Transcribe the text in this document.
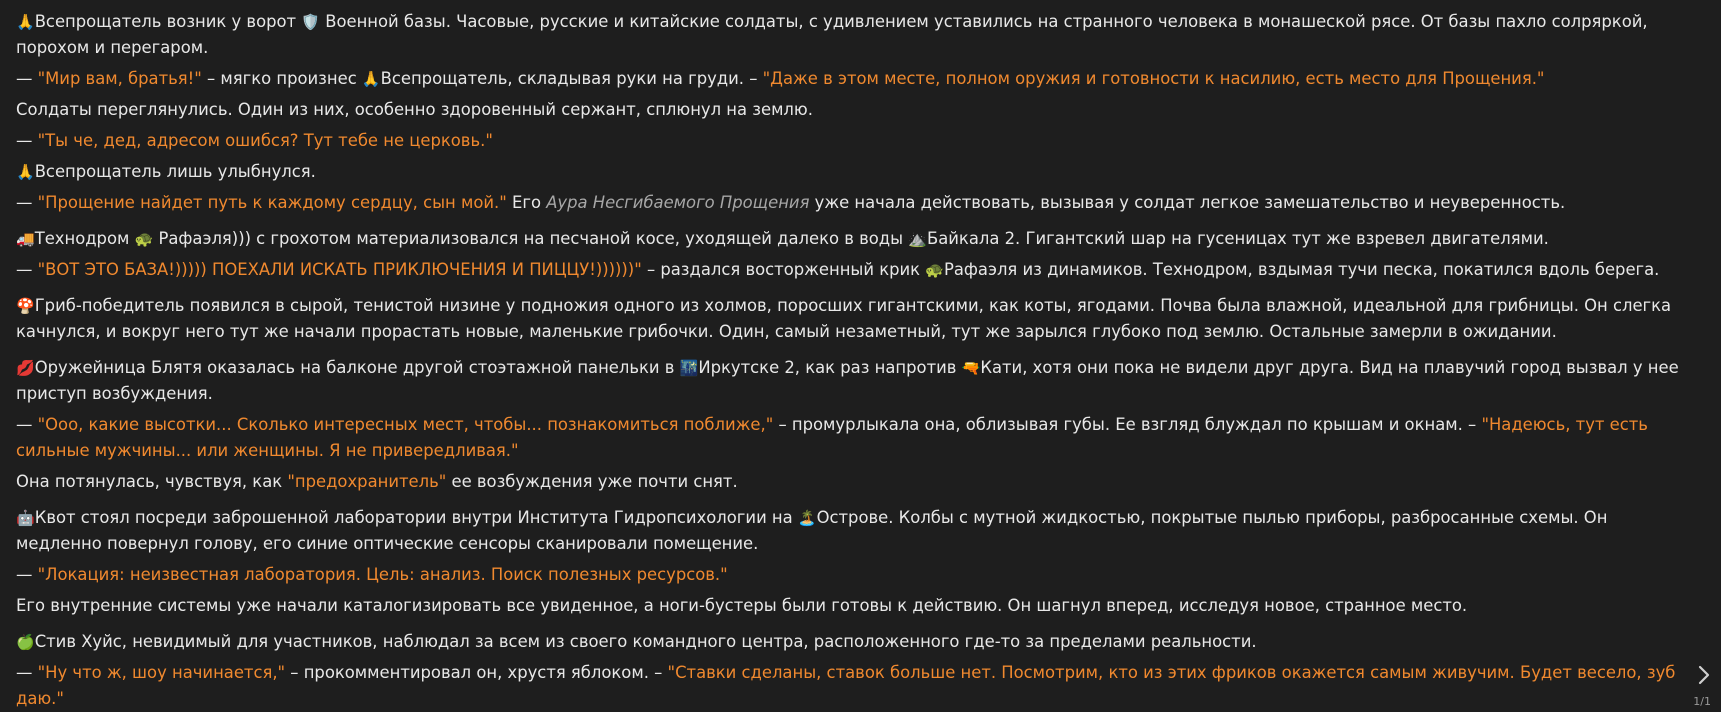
🙏Всепрощатель возник у ворот 🛡️ Военной базы. Часовые, русские и китайские солдаты, с удивлением уставились на странного человека в монашеской рясе. От базы пахло солряркой, порохом и перегаром.
— "Мир вам, братья!" – мягко произнес 🙏Всепрощатель, складывая руки на груди. – "Даже в этом месте, полном оружия и готовности к насилию, есть место для Прощения."
Солдаты переглянулись. Один из них, особенно здоровенный сержант, сплюнул на землю.
— "Ты че, дед, адресом ошибся? Тут тебе не церковь."
🙏Всепрощатель лишь улыбнулся.
— "Прощение найдет путь к каждому сердцу, сын мой." Его Аура Несгибаемого Прощения уже начала действовать, вызывая у солдат легкое замешательство и неуверенность.
🚚Технодром 🐢 Рафаэля))) с грохотом материализовался на песчаной косе, уходящей далеко в воды ⛰️Байкала 2. Гигантский шар на гусеницах тут же взревел двигателями.
— "ВОТ ЭТО БАЗА!))))) ПОЕХАЛИ ИСКАТЬ ПРИКЛЮЧЕНИЯ И ПИЦЦУ!))))))" – раздался восторженный крик 🐢Рафаэля из динамиков. Технодром, вздымая тучи песка, покатился вдоль берега.
🍄Гриб-победитель появился в сырой, тенистой низине у подножия одного из холмов, поросших гигантскими, как коты, ягодами. Почва была влажной, идеальной для грибницы. Он слегка качнулся, и вокруг него тут же начали прорастать новые, маленькие грибочки. Один, самый незаметный, тут же зарылся глубоко под землю. Остальные замерли в ожидании.
💋Оружейница Блятя оказалась на балконе другой стоэтажной панельки в 🌃Иркутске 2, как раз напротив 🔫Кати, хотя они пока не видели друг друга. Вид на плавучий город вызвал у нее приступ возбуждения.
— "Ооо, какие высотки... Сколько интересных мест, чтобы... познакомиться поближе," – промурлыкала она, облизывая губы. Ее взгляд блуждал по крышам и окнам. – "Надеюсь, тут есть сильные мужчины... или женщины. Я не привередливая."
Она потянулась, чувствуя, как "предохранитель" ее возбуждения уже почти снят.
🤖Квот стоял посреди заброшенной лаборатории внутри Института Гидропсихологии на 🏝️Острове. Колбы с мутной жидкостью, покрытые пылью приборы, разбросанные схемы. Он медленно повернул голову, его синие оптические сенсоры сканировали помещение.
— "Локация: неизвестная лаборатория. Цель: анализ. Поиск полезных ресурсов."
Его внутренние системы уже начали каталогизировать все увиденное, а ноги-бустеры были готовы к действию. Он шагнул вперед, исследуя новое, странное место.
🍏Стив Хуйс, невидимый для участников, наблюдал за всем из своего командного центра, расположенного где-то за пределами реальности.
— "Ну что ж, шоу начинается," – прокомментировал он, хрустя яблоком. – "Ставки сделаны, ставок больше нет. Посмотрим, кто из этих фриков окажется самым живучим. Будет весело, зуб даю."	1/1
